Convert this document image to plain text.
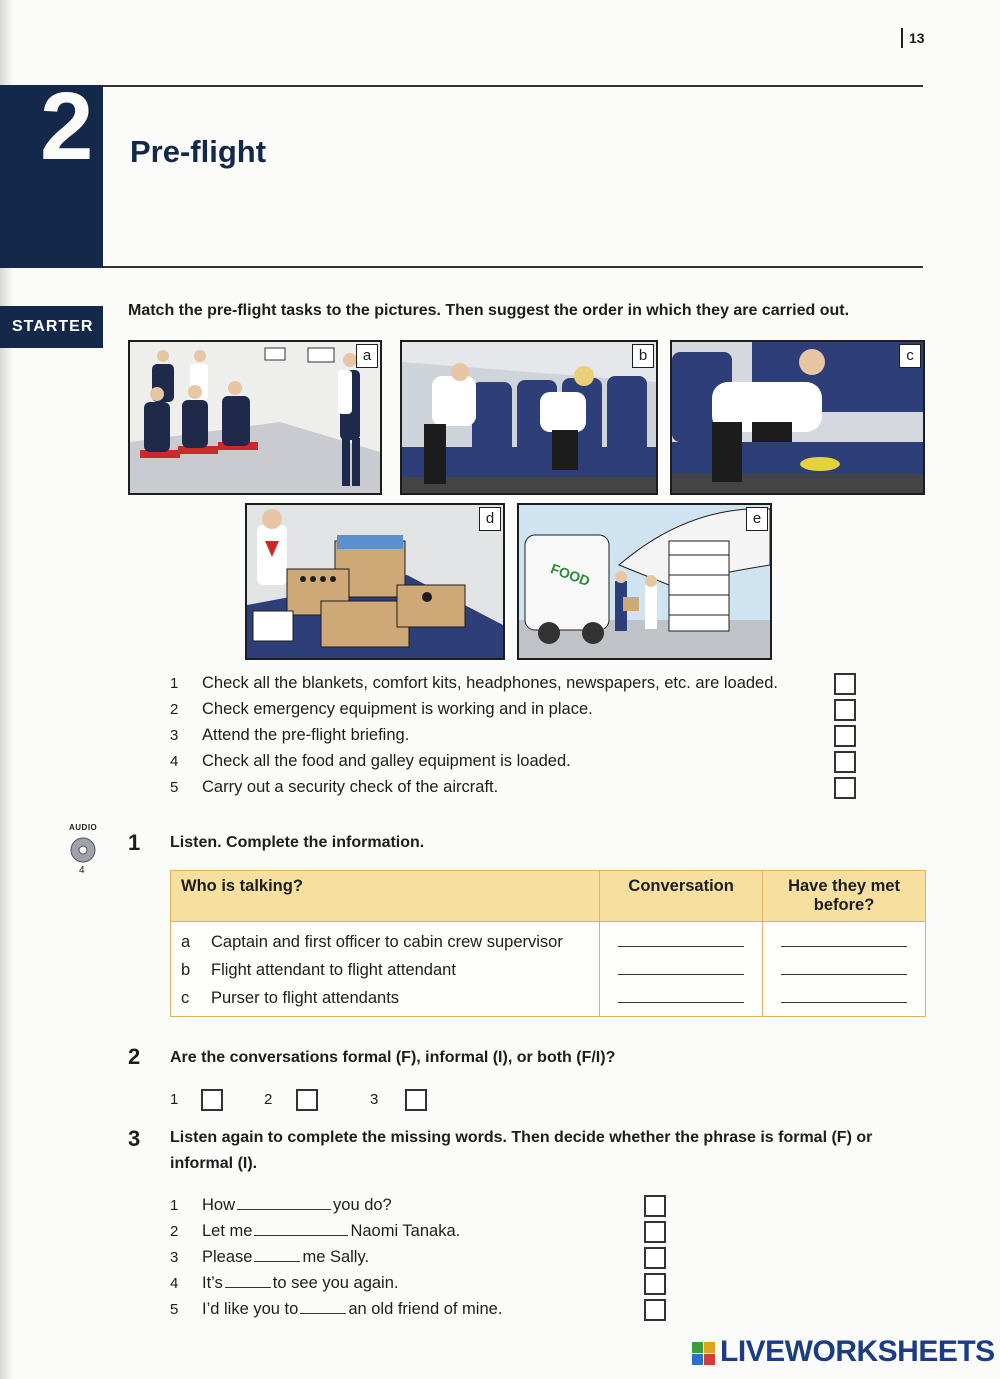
13
2 Pre-flight
STARTER
Match the pre-flight tasks to the pictures. Then suggest the order in which they are carried out.
a	b	c
d
FOOD
e
1 Check all the blankets, comfort kits, headphones, newspapers, etc. are loaded.
2 Check emergency equipment is working and in place.
3 Attend the pre-flight briefing.
4 Check all the food and galley equipment is loaded.
5 Carry out a security check of the aircraft.
AUDIO
4
1 Listen. Complete the information.
Who is talking?	Conversation	Have they met before?
a Captain and first officer to cabin crew supervisor		
b Flight attendant to flight attendant		
c Purser to flight attendants		
2 Are the conversations formal (F), informal (I), or both (F/I)?
1	2	3
3 Listen again to complete the missing words. Then decide whether the phrase is formal (F) or
informal (I).
1 How	you do?
2 Let me	Naomi Tanaka.
3 Please	me Sally.
4 It’s	to see you again.
5 I’d like you to	an old friend of mine.
LIVEWORKSHEETS
